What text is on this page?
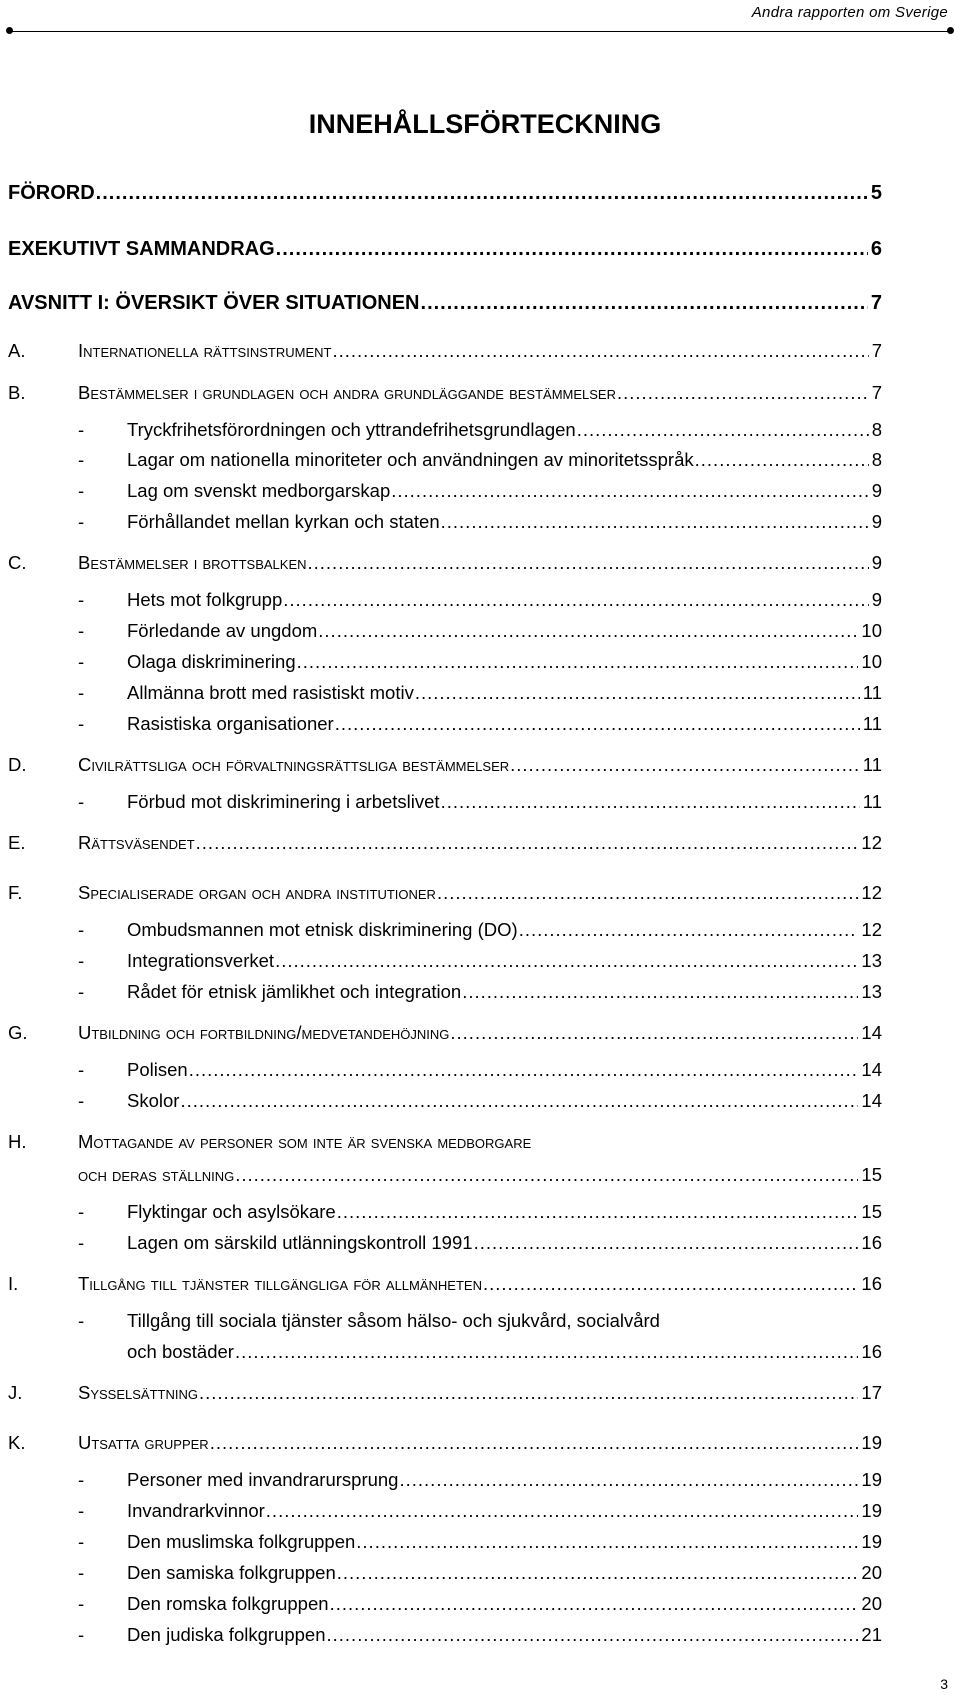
Andra rapporten om Sverige
INNEHÅLLSFÖRTECKNING
FÖRORD .....	5
EXEKUTIVT SAMMANDRAG .....	6
AVSNITT I: ÖVERSIKT ÖVER SITUATIONEN .....	7
A.	Internationella rättsinstrument .....	7
B.	Bestämmelser i grundlagen och andra grundläggande bestämmelser .....	7
- Tryckfrihetsförordningen och yttrandefrihetsgrundlagen .....	8
- Lagar om nationella minoriteter och användningen av minoritetsspråk .....	8
- Lag om svenskt medborgarskap .....	9
- Förhållandet mellan kyrkan och staten .....	9
C.	Bestämmelser i brottsbalken .....	9
- Hets mot folkgrupp .....	9
- Förledande av ungdom .....	10
- Olaga diskriminering .....	10
- Allmänna brott med rasistiskt motiv .....	11
- Rasistiska organisationer .....	11
D.	Civilrättsliga och förvaltningsrättsliga bestämmelser .....	11
- Förbud mot diskriminering i arbetslivet .....	11
E.	Rättsväsendet .....	12
F.	Specialiserade organ och andra institutioner .....	12
- Ombudsmannen mot etnisk diskriminering (DO) .....	12
- Integrationsverket .....	13
- Rådet för etnisk jämlikhet och integration .....	13
G.	Utbildning och fortbildning/medvetandehöjning .....	14
- Polisen .....	14
- Skolor .....	14
H.	Mottagande av personer som inte är svenska medborgare
och deras ställning .....	15
- Flyktingar och asylsökare .....	15
- Lagen om särskild utlänningskontroll 1991 .....	16
I.	Tillgång till tjänster tillgängliga för allmänheten .....	16
- Tillgång till sociala tjänster såsom hälso- och sjukvård, socialvård
och bostäder .....	16
J.	Sysselsättning .....	17
K.	Utsatta grupper .....	19
- Personer med invandrarursprung .....	19
- Invandrarkvinnor .....	19
- Den muslimska folkgruppen .....	19
- Den samiska folkgruppen .....	20
- Den romska folkgruppen .....	20
- Den judiska folkgruppen .....	21
3
